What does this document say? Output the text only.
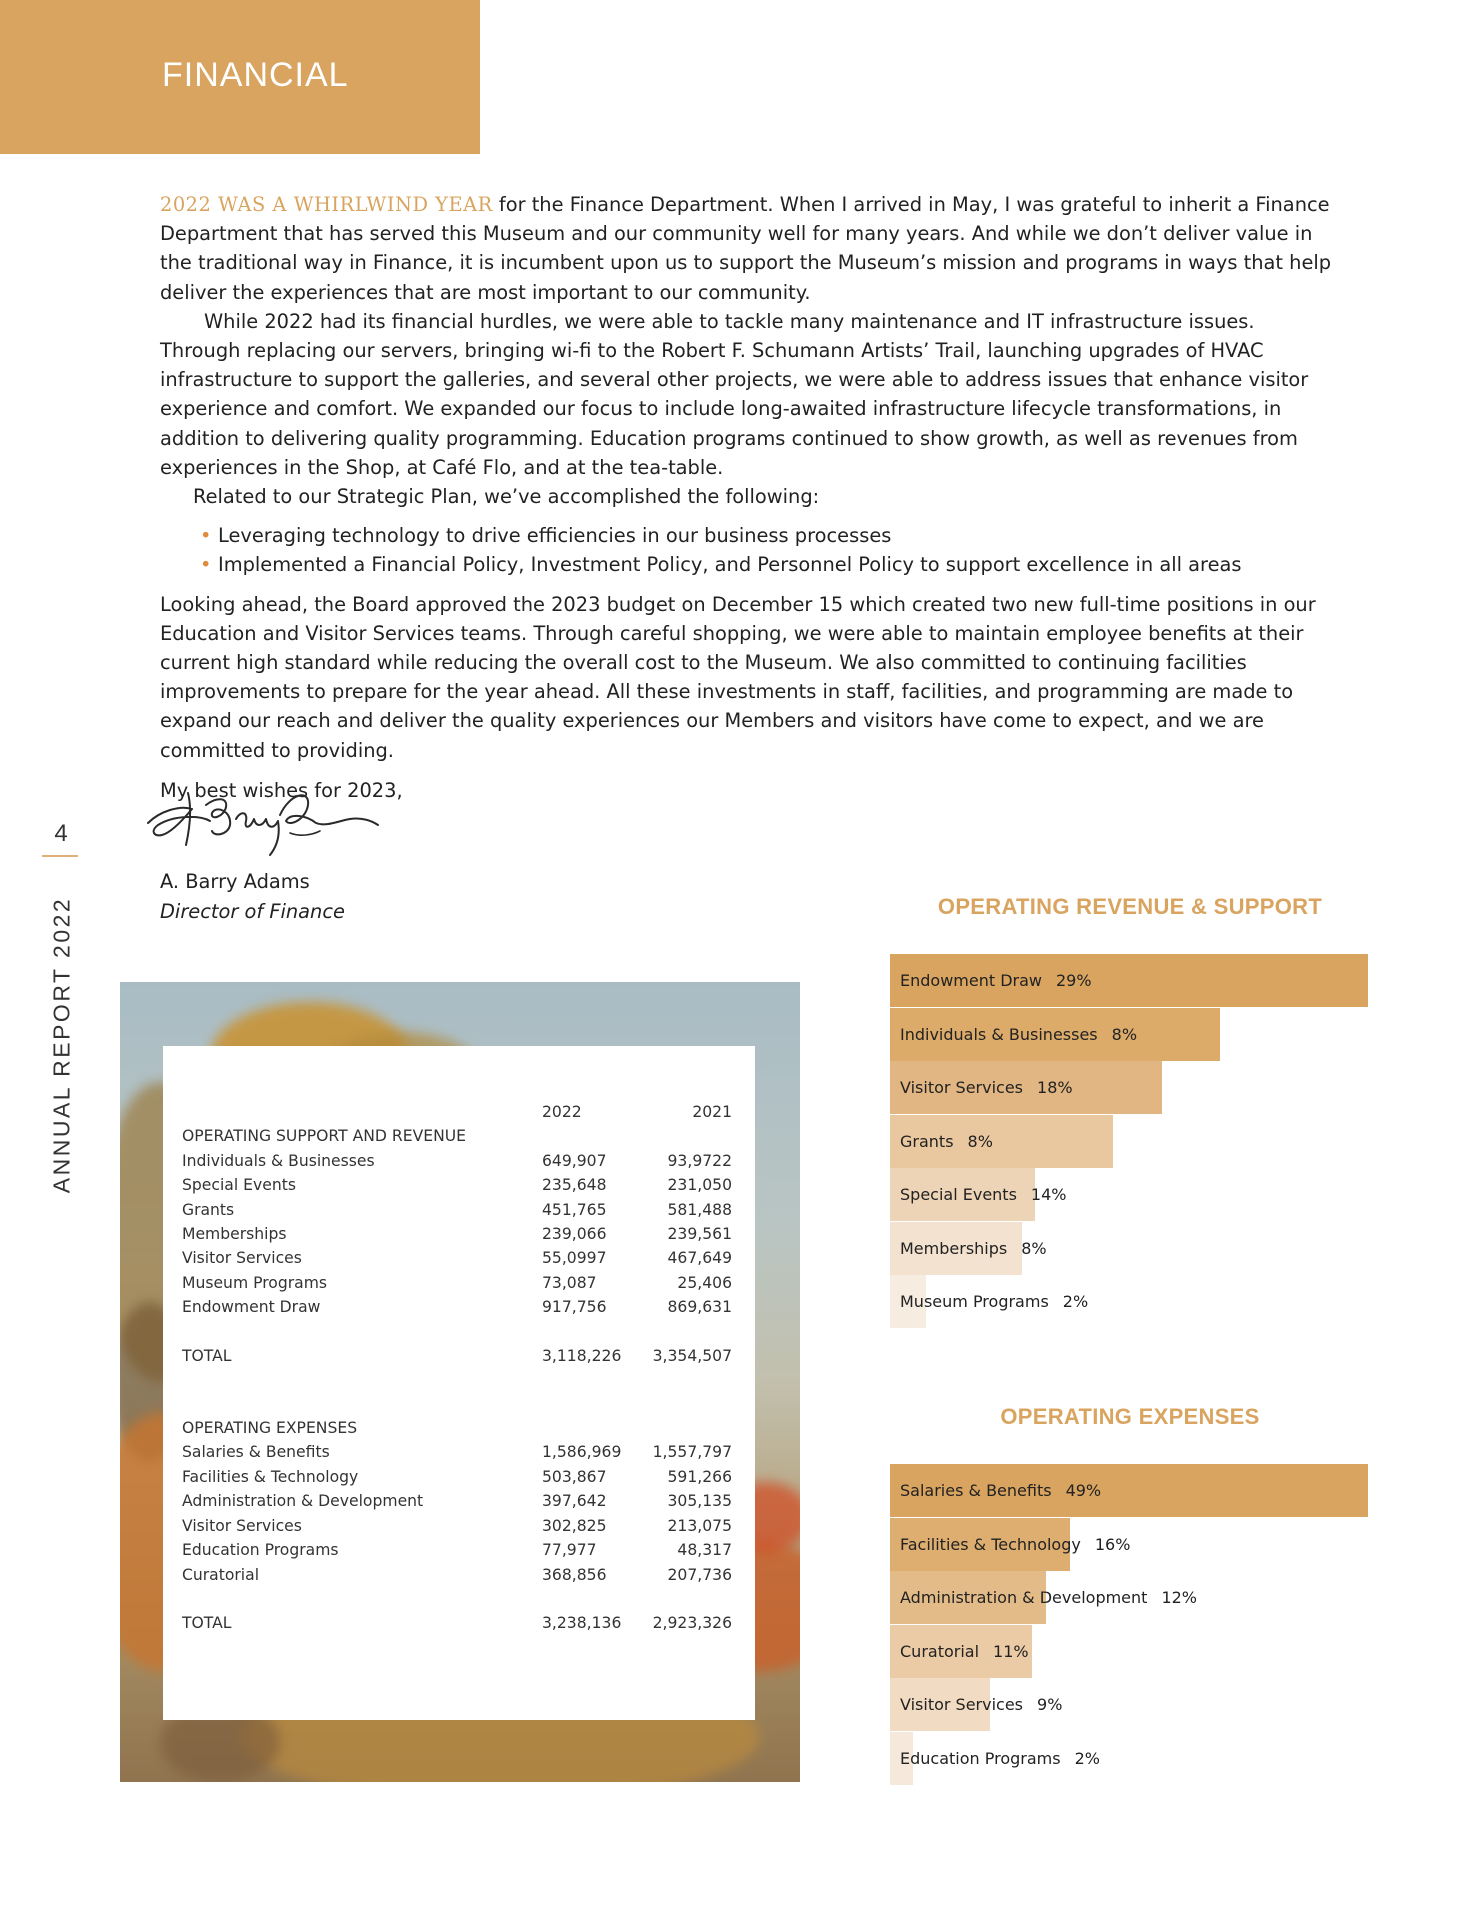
FINANCIAL

2022 WAS A WHIRLWIND YEAR for the Finance Department. When I arrived in May, I was grateful to inherit a Finance Department that has served this Museum and our community well for many years. And while we don’t deliver value in the traditional way in Finance, it is incumbent upon us to support the Museum’s mission and programs in ways that help deliver the experiences that are most important to our community.

While 2022 had its financial hurdles, we were able to tackle many maintenance and IT infrastructure issues. Through replacing our servers, bringing wi-fi to the Robert F. Schumann Artists’ Trail, launching upgrades of HVAC infrastructure to support the galleries, and several other projects, we were able to address issues that enhance visitor experience and comfort. We expanded our focus to include long-awaited infrastructure lifecycle transformations, in addition to delivering quality programming. Education programs continued to show growth, as well as revenues from experiences in the Shop, at Café Flo, and at the tea-table.

Related to our Strategic Plan, we’ve accomplished the following:

• Leveraging technology to drive efficiencies in our business processes
• Implemented a Financial Policy, Investment Policy, and Personnel Policy to support excellence in all areas

Looking ahead, the Board approved the 2023 budget on December 15 which created two new full-time positions in our Education and Visitor Services teams. Through careful shopping, we were able to maintain employee benefits at their current high standard while reducing the overall cost to the Museum. We also committed to continuing facilities improvements to prepare for the year ahead. All these investments in staff, facilities, and programming are made to expand our reach and deliver the quality experiences our Members and visitors have come to expect, and we are committed to providing.

My best wishes for 2023,

A. Barry Adams
Director of Finance
4
ANNUAL REPORT 2022
		2022	2021
OPERATING SUPPORT AND REVENUE		
Individuals & Businesses	649,907	93,9722
Special Events	235,648	231,050
Grants	451,765	581,488
Memberships	239,066	239,561
Visitor Services	55,0997	467,649
Museum Programs	73,087	25,406
Endowment Draw	917,756	869,631

TOTAL	3,118,226	3,354,507

OPERATING EXPENSES		
Salaries & Benefits	1,586,969	1,557,797
Facilities & Technology	503,867	591,266
Administration & Development	397,642	305,135
Visitor Services	302,825	213,075
Education Programs	77,977	48,317
Curatorial	368,856	207,736

TOTAL	3,238,136	2,923,326
OPERATING REVENUE & SUPPORT
Endowment Draw 29%
Individuals & Businesses 8%
Visitor Services 18%
Grants 8%
Special Events 14%
Memberships 8%
Museum Programs 2%
OPERATING EXPENSES
Salaries & Benefits 49%
Facilities & Technology 16%
Administration & Development 12%
Curatorial 11%
Visitor Services 9%
Education Programs 2%
